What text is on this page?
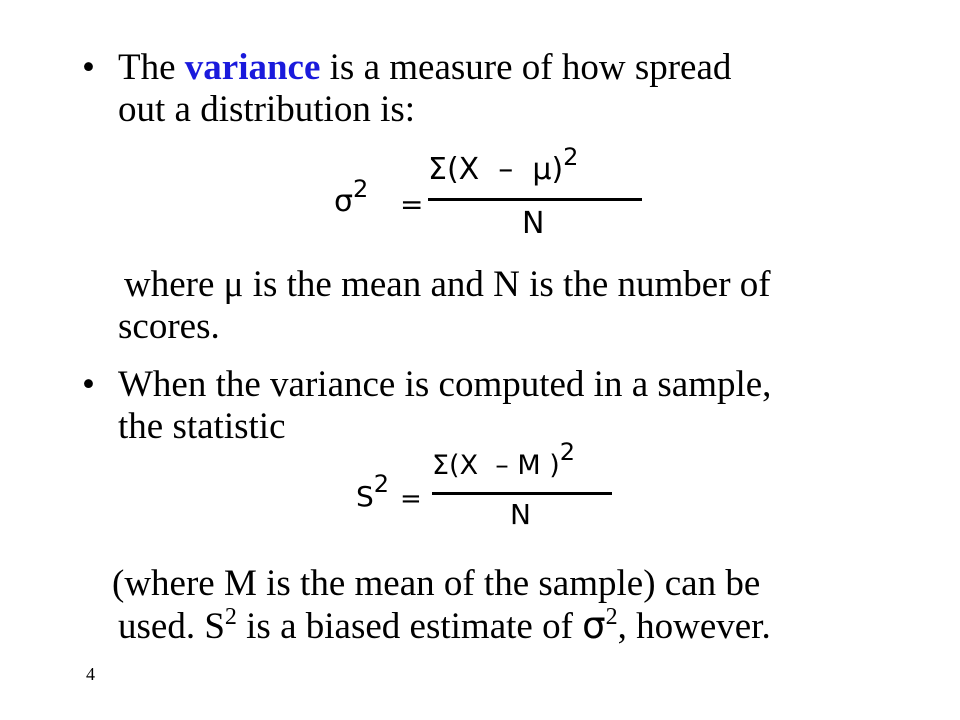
• The variance is a measure of how spread
out a distribution is:
$\sigma^2$ =
Σ(X  –  μ)$^2$
N
where μ is the mean and N is the number of
scores.
• When the variance is computed in a sample,
the statistic
$S^2$ =
Σ(X  – M )$^2$
N
(where M is the mean of the sample) can be
used. $S^2$ is a biased estimate of $\sigma^2$, however.
4
